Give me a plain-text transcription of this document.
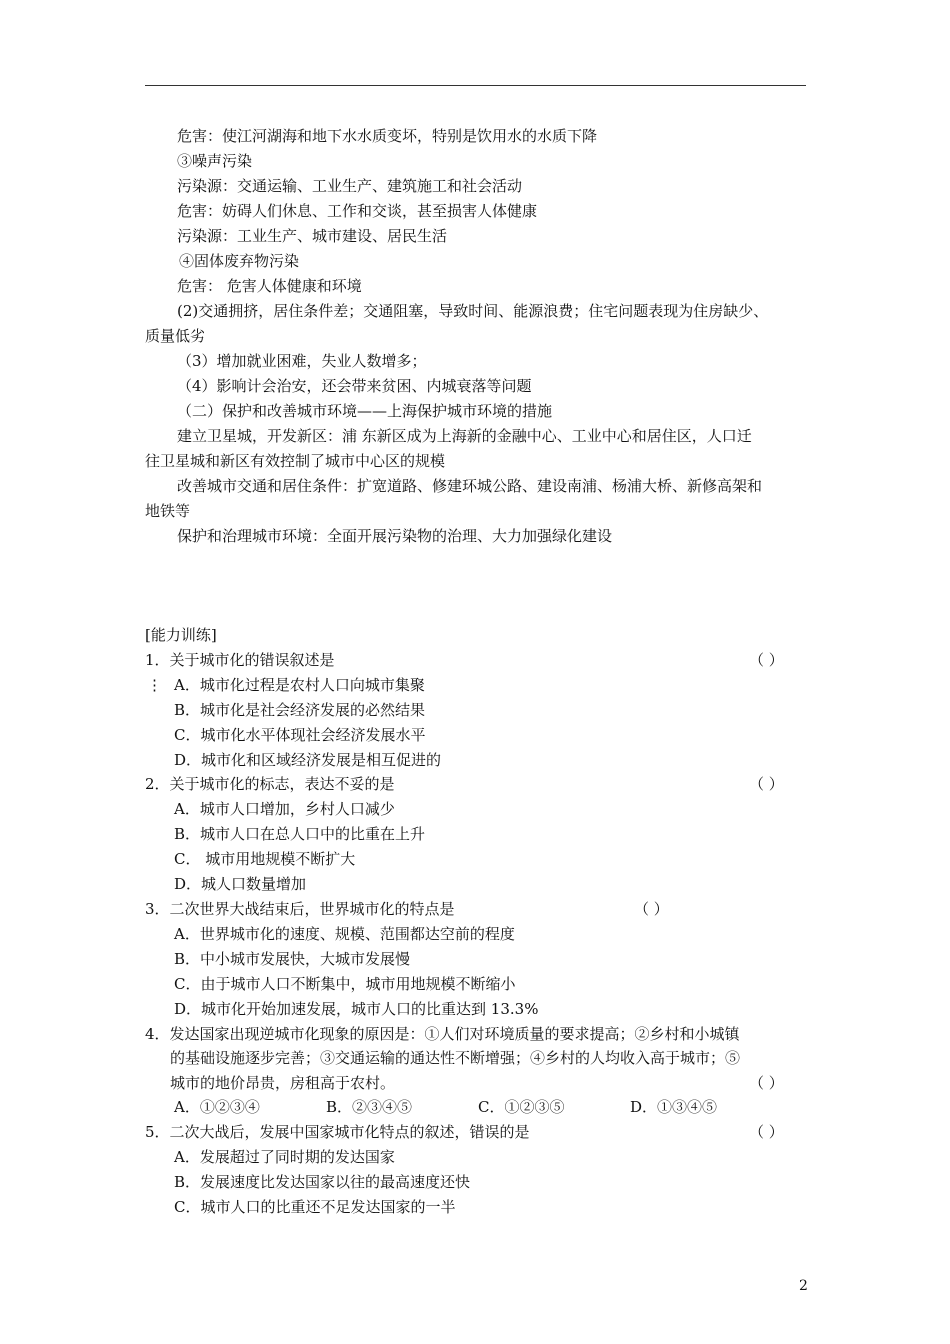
危害：使江河湖海和地下水水质变坏，特别是饮用水的水质下降
③噪声污染
污染源：交通运输、工业生产、建筑施工和社会活动
危害：妨碍人们休息、工作和交谈，甚至损害人体健康
污染源：工业生产、城市建设、居民生活
④固体废弃物污染
危害： 危害人体健康和环境
(2)交通拥挤，居住条件差；交通阻塞，导致时间、能源浪费；住宅问题表现为住房缺少、
质量低劣
（3）增加就业困难，失业人数增多；
（4）影响计会治安，还会带来贫困、内城衰落等问题
（二）保护和改善城市环境——上海保护城市环境的措施
建立卫星城，开发新区：浦 东新区成为上海新的金融中心、工业中心和居住区，人口迁
往卫星城和新区有效控制了城市中心区的规模
改善城市交通和居住条件：扩宽道路、修建环城公路、建设南浦、杨浦大桥、新修高架和
地铁等
保护和治理城市环境：全面开展污染物的治理、大力加强绿化建设
[能力训练]
1．关于城市化的错误叙述是	（ ）
⋮ A．城市化过程是农村人口向城市集聚
B．城市化是社会经济发展的必然结果
C．城市化水平体现社会经济发展水平
D．城市化和区域经济发展是相互促进的
2．关于城市化的标志，表达不妥的是	（ ）
A．城市人口增加，乡村人口减少
B．城市人口在总人口中的比重在上升
C． 城市用地规模不断扩大
D．城人口数量增加
3．二次世界大战结束后，世界城市化的特点是	（ ）
A．世界城市化的速度、规模、范围都达空前的程度
B．中小城市发展快，大城市发展慢
C．由于城市人口不断集中，城市用地规模不断缩小
D．城市化开始加速发展，城市人口的比重达到 13.3%
4．发达国家出现逆城市化现象的原因是：①人们对环境质量的要求提高；②乡村和小城镇
的基础设施逐步完善；③交通运输的通达性不断增强；④乡村的人均收入高于城市；⑤
城市的地价昂贵，房租高于农村。	（ ）
A．①②③④	B．②③④⑤	C．①②③⑤	D．①③④⑤
5．二次大战后，发展中国家城市化特点的叙述，错误的是	（ ）
A．发展超过了同时期的发达国家
B．发展速度比发达国家以往的最高速度还快
C．城市人口的比重还不足发达国家的一半
2
